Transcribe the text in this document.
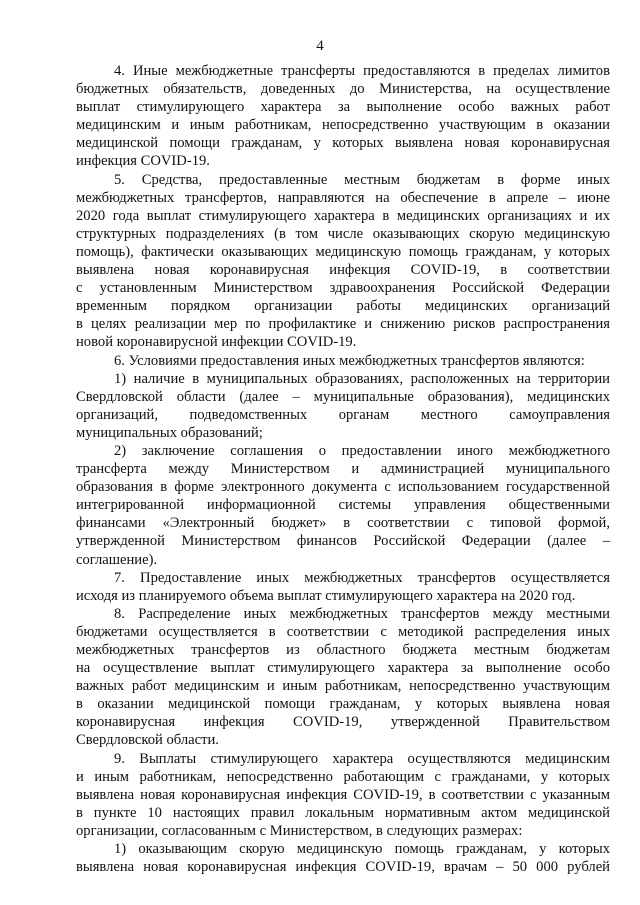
4
4. Иные межбюджетные трансферты предоставляются в пределах лимитов
бюджетных обязательств, доведенных до Министерства, на осуществление
выплат стимулирующего характера за выполнение особо важных работ
медицинским и иным работникам, непосредственно участвующим в оказании
медицинской помощи гражданам, у которых выявлена новая коронавирусная
инфекция COVID-19.
5. Средства, предоставленные местным бюджетам в форме иных
межбюджетных трансфертов, направляются на обеспечение в апреле – июне
2020 года выплат стимулирующего характера в медицинских организациях и их
структурных подразделениях (в том числе оказывающих скорую медицинскую
помощь), фактически оказывающих медицинскую помощь гражданам, у которых
выявлена новая коронавирусная инфекция COVID-19, в соответствии
с установленным Министерством здравоохранения Российской Федерации
временным порядком организации работы медицинских организаций
в целях реализации мер по профилактике и снижению рисков распространения
новой коронавирусной инфекции COVID-19.
6. Условиями предоставления иных межбюджетных трансфертов являются:
1) наличие в муниципальных образованиях, расположенных на территории
Свердловской области (далее – муниципальные образования), медицинских
организаций, подведомственных органам местного самоуправления
муниципальных образований;
2) заключение соглашения о предоставлении иного межбюджетного
трансферта между Министерством и администрацией муниципального
образования в форме электронного документа с использованием государственной
интегрированной информационной системы управления общественными
финансами «Электронный бюджет» в соответствии с типовой формой,
утвержденной Министерством финансов Российской Федерации (далее –
соглашение).
7. Предоставление иных межбюджетных трансфертов осуществляется
исходя из планируемого объема выплат стимулирующего характера на 2020 год.
8. Распределение иных межбюджетных трансфертов между местными
бюджетами осуществляется в соответствии с методикой распределения иных
межбюджетных трансфертов из областного бюджета местным бюджетам
на осуществление выплат стимулирующего характера за выполнение особо
важных работ медицинским и иным работникам, непосредственно участвующим
в оказании медицинской помощи гражданам, у которых выявлена новая
коронавирусная инфекция COVID-19, утвержденной Правительством
Свердловской области.
9. Выплаты стимулирующего характера осуществляются медицинским
и иным работникам, непосредственно работающим с гражданами, у которых
выявлена новая коронавирусная инфекция COVID-19, в соответствии с указанным
в пункте 10 настоящих правил локальным нормативным актом медицинской
организации, согласованным с Министерством, в следующих размерах:
1) оказывающим скорую медицинскую помощь гражданам, у которых
выявлена новая коронавирусная инфекция COVID-19, врачам – 50 000 рублей
